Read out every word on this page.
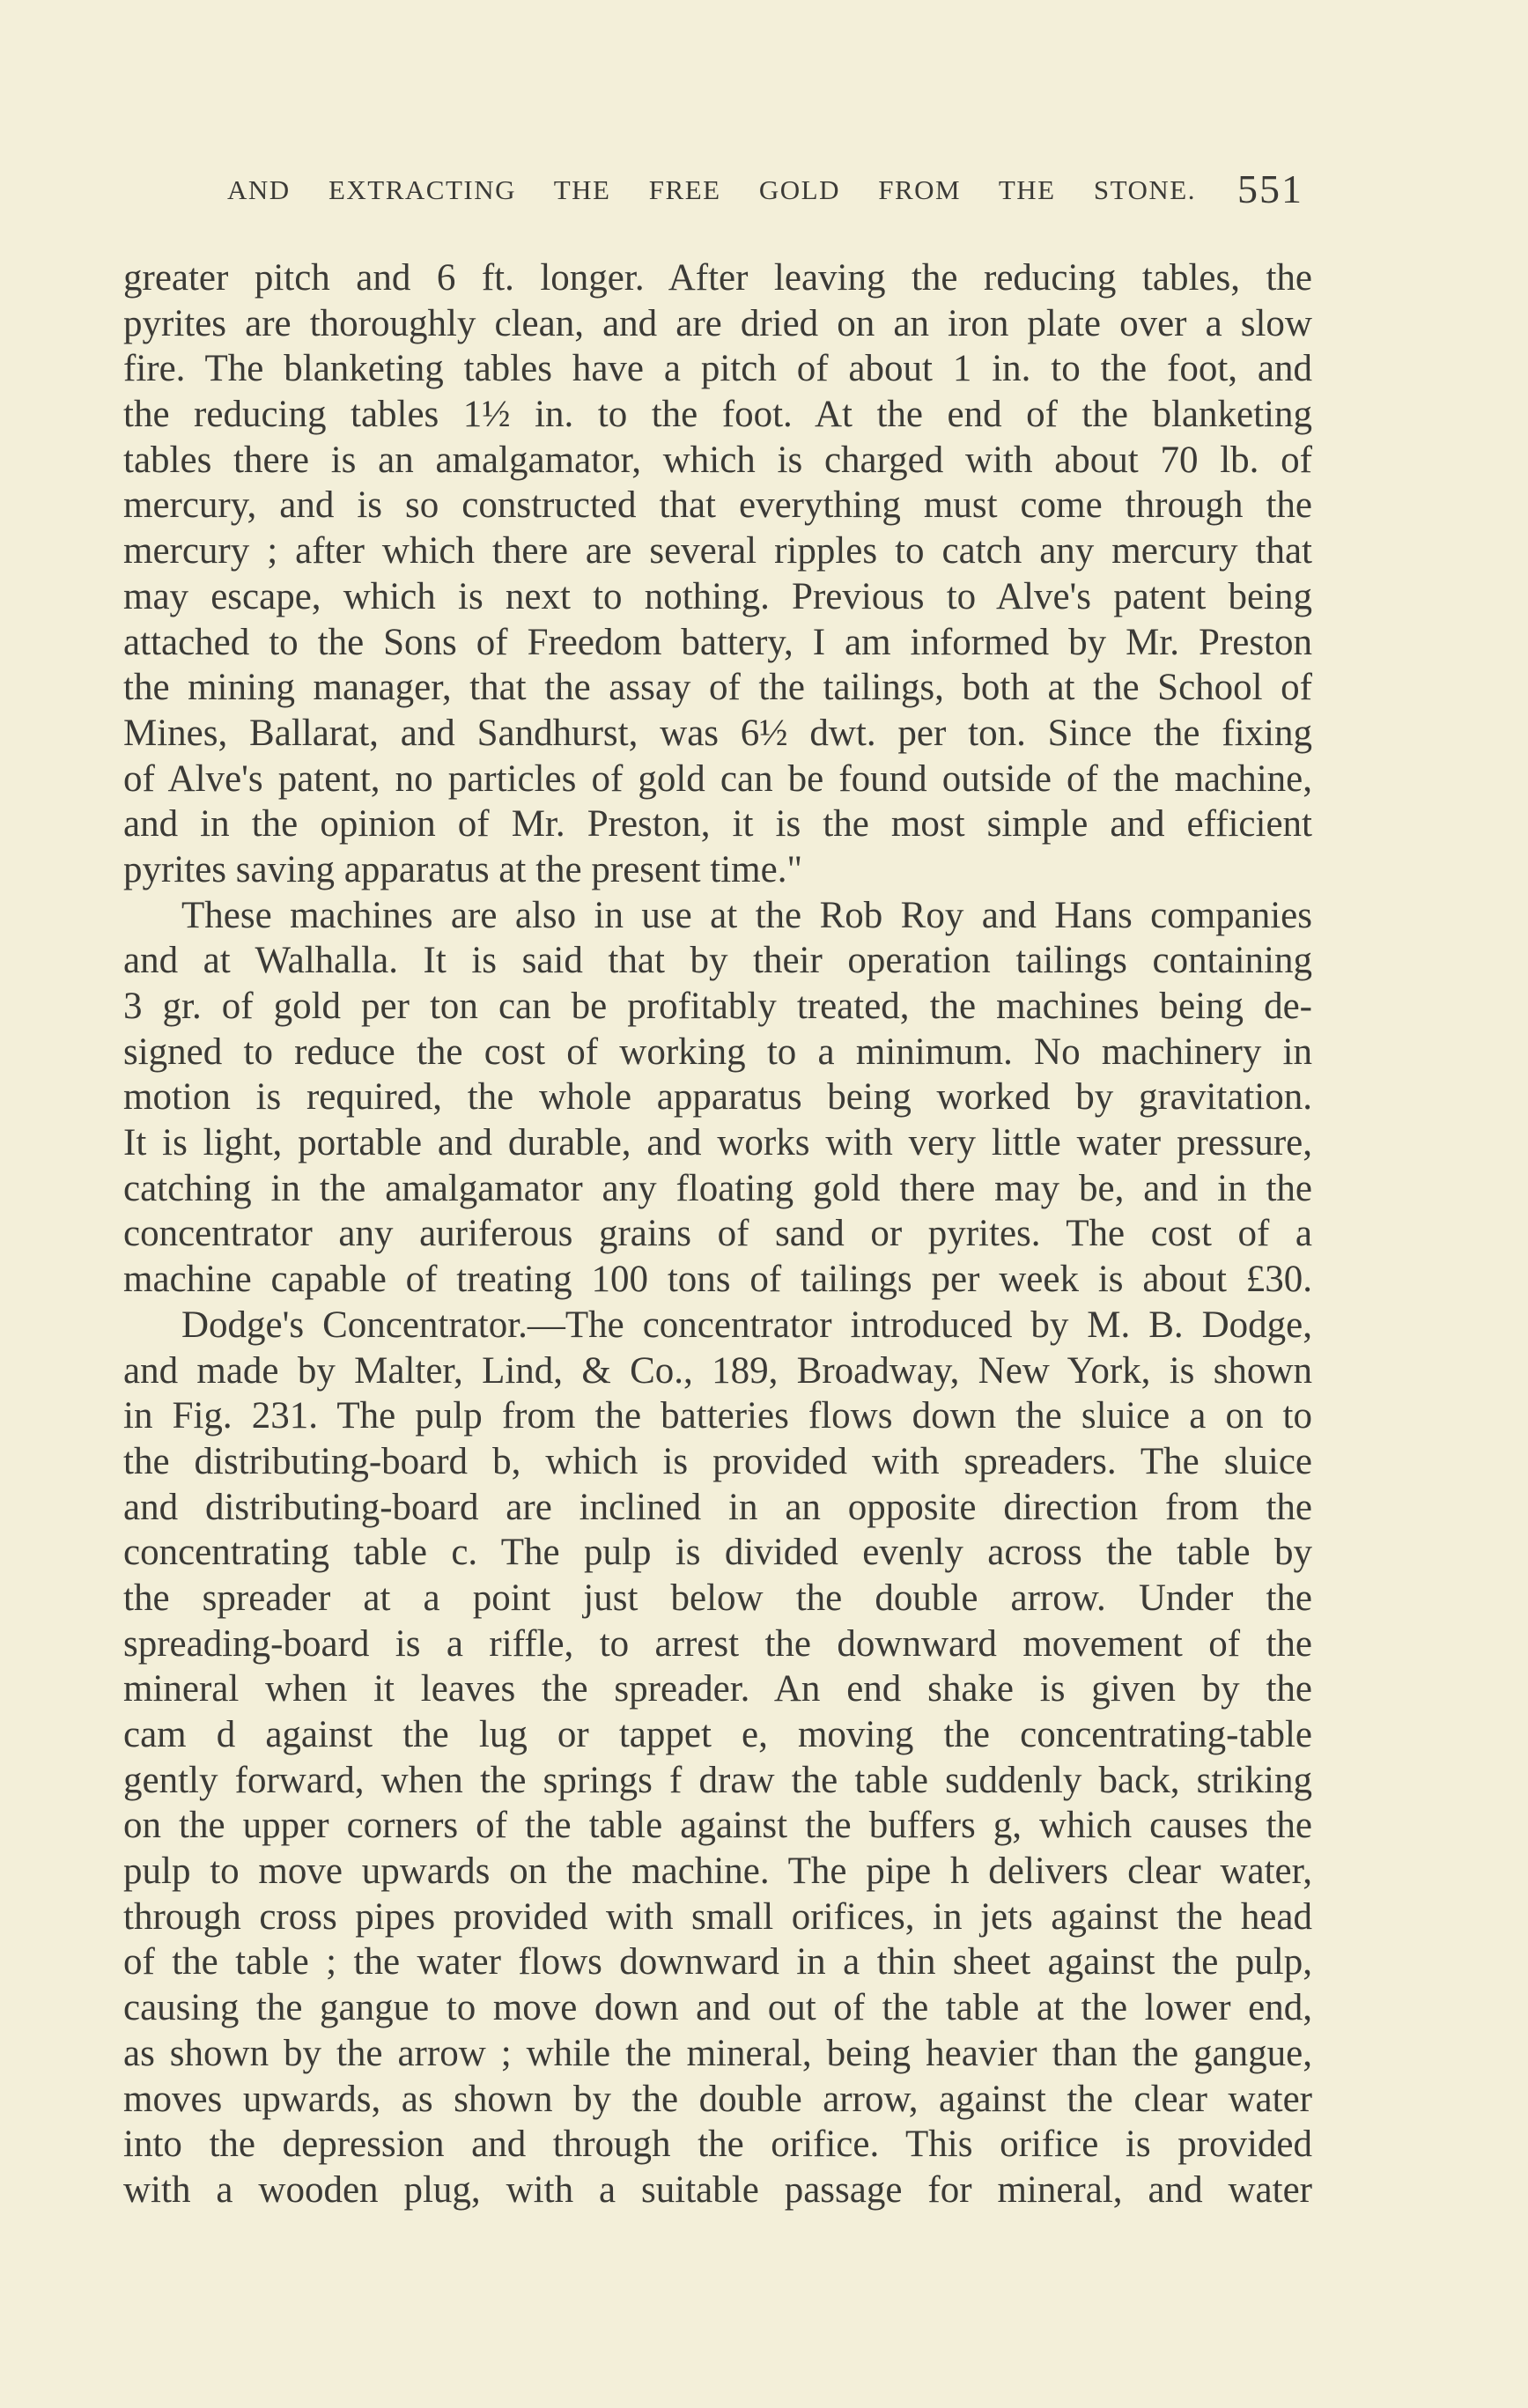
AND EXTRACTING THE FREE GOLD FROM THE STONE. 551
greater pitch and 6 ft. longer. After leaving the reducing tables, the
pyrites are thoroughly clean, and are dried on an iron plate over a slow
fire. The blanketing tables have a pitch of about 1 in. to the foot, and
the reducing tables 1½ in. to the foot. At the end of the blanketing
tables there is an amalgamator, which is charged with about 70 lb. of
mercury, and is so constructed that everything must come through the
mercury ; after which there are several ripples to catch any mercury that
may escape, which is next to nothing. Previous to Alve's patent being
attached to the Sons of Freedom battery, I am informed by Mr. Preston
the mining manager, that the assay of the tailings, both at the School of
Mines, Ballarat, and Sandhurst, was 6½ dwt. per ton. Since the fixing
of Alve's patent, no particles of gold can be found outside of the machine,
and in the opinion of Mr. Preston, it is the most simple and efficient
pyrites saving apparatus at the present time."
These machines are also in use at the Rob Roy and Hans companies
and at Walhalla. It is said that by their operation tailings containing
3 gr. of gold per ton can be profitably treated, the machines being de-
signed to reduce the cost of working to a minimum. No machinery in
motion is required, the whole apparatus being worked by gravitation.
It is light, portable and durable, and works with very little water pressure,
catching in the amalgamator any floating gold there may be, and in the
concentrator any auriferous grains of sand or pyrites. The cost of a
machine capable of treating 100 tons of tailings per week is about £30.
Dodge's Concentrator.—The concentrator introduced by M. B. Dodge,
and made by Malter, Lind, & Co., 189, Broadway, New York, is shown
in Fig. 231. The pulp from the batteries flows down the sluice a on to
the distributing-board b, which is provided with spreaders. The sluice
and distributing-board are inclined in an opposite direction from the
concentrating table c. The pulp is divided evenly across the table by
the spreader at a point just below the double arrow. Under the
spreading-board is a riffle, to arrest the downward movement of the
mineral when it leaves the spreader. An end shake is given by the
cam d against the lug or tappet e, moving the concentrating-table
gently forward, when the springs f draw the table suddenly back, striking
on the upper corners of the table against the buffers g, which causes the
pulp to move upwards on the machine. The pipe h delivers clear water,
through cross pipes provided with small orifices, in jets against the head
of the table ; the water flows downward in a thin sheet against the pulp,
causing the gangue to move down and out of the table at the lower end,
as shown by the arrow ; while the mineral, being heavier than the gangue,
moves upwards, as shown by the double arrow, against the clear water
into the depression and through the orifice. This orifice is provided
with a wooden plug, with a suitable passage for mineral, and water
